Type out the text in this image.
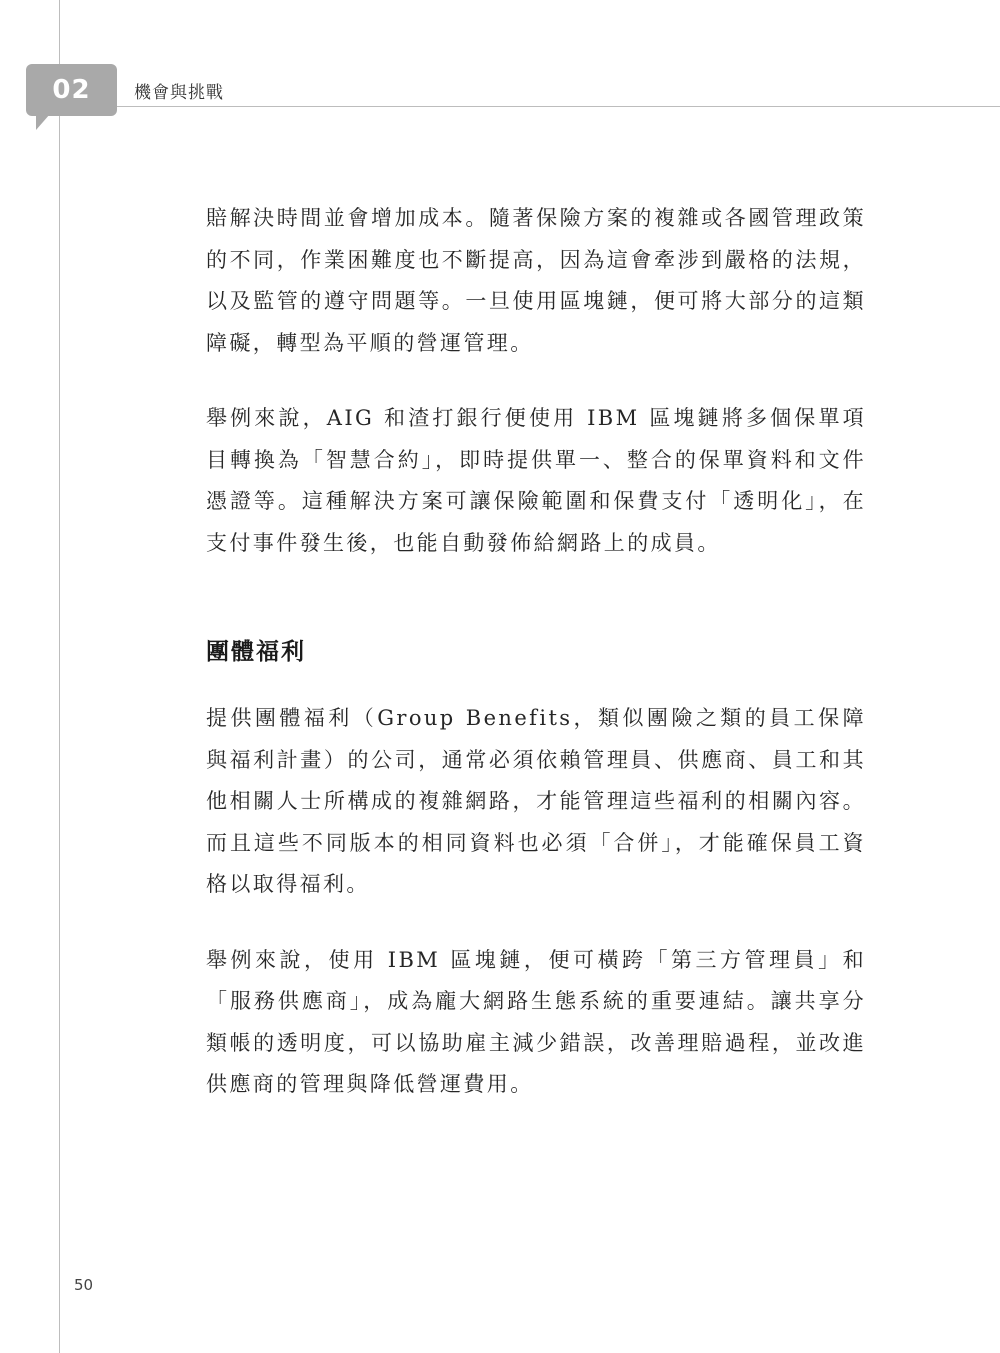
02	機會與挑戰

賠解決時間並會增加成本。隨著保險方案的複雜或各國管理政策的不同，作業困難度也不斷提高，因為這會牽涉到嚴格的法規，以及監管的遵守問題等。一旦使用區塊鏈，便可將大部分的這類障礙，轉型為平順的營運管理。

舉例來說，AIG 和渣打銀行便使用 IBM 區塊鏈將多個保單項目轉換為「智慧合約」，即時提供單一、整合的保單資料和文件憑證等。這種解決方案可讓保險範圍和保費支付「透明化」，在支付事件發生後，也能自動發佈給網路上的成員。

團體福利

提供團體福利（Group Benefits，類似團險之類的員工保障與福利計畫）的公司，通常必須依賴管理員、供應商、員工和其他相關人士所構成的複雜網路，才能管理這些福利的相關內容。而且這些不同版本的相同資料也必須「合併」，才能確保員工資格以取得福利。

舉例來說，使用 IBM 區塊鏈，便可橫跨「第三方管理員」和「服務供應商」，成為龐大網路生態系統的重要連結。讓共享分類帳的透明度，可以協助雇主減少錯誤，改善理賠過程，並改進供應商的管理與降低營運費用。

50
